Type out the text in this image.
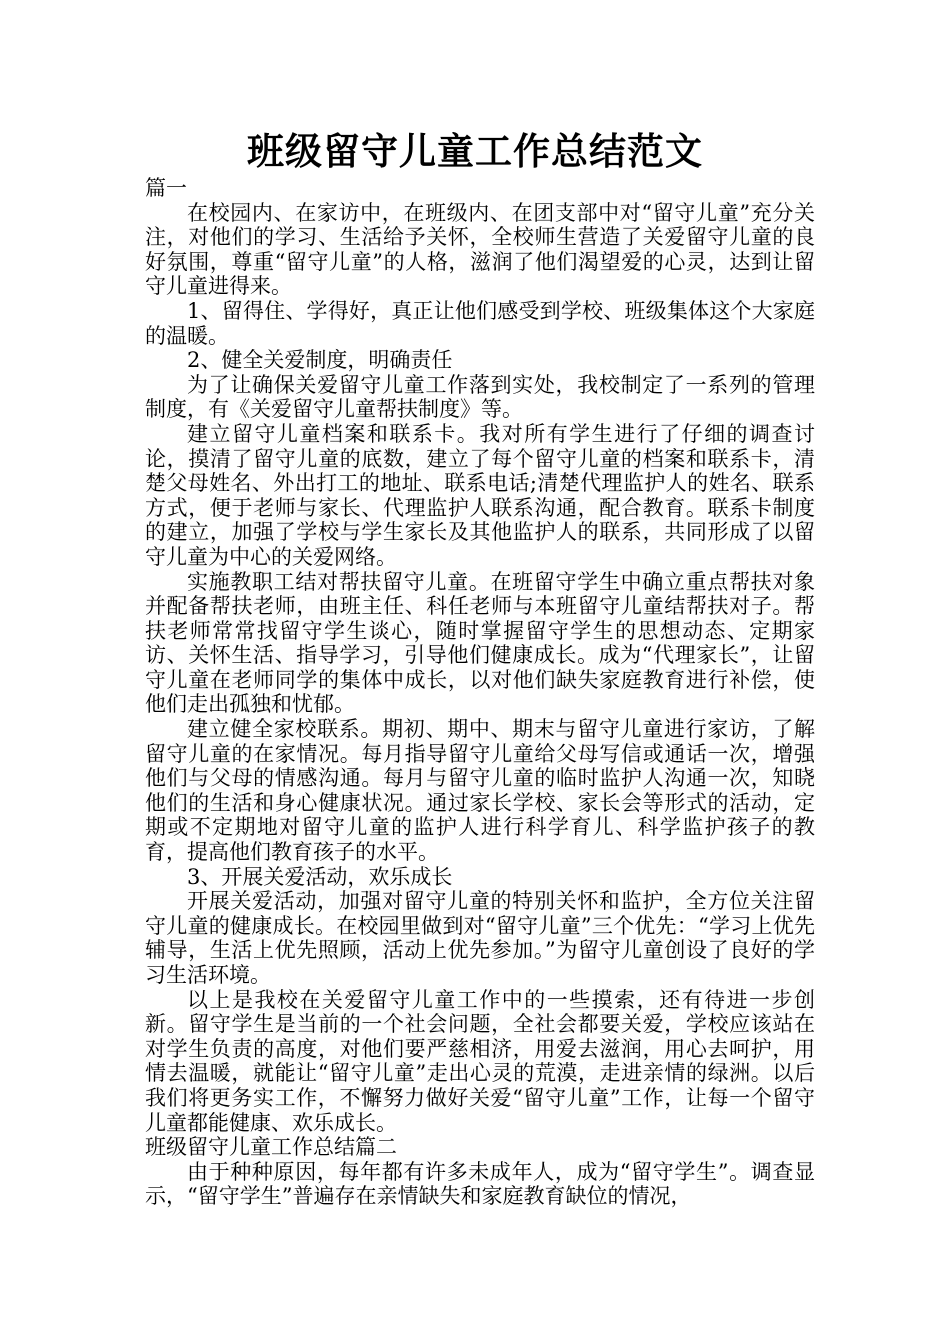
班级留守儿童工作总结范文

篇一

在校园内、在家访中，在班级内、在团支部中对“留守儿童”充分关注，对他们的学习、生活给予关怀，全校师生营造了关爱留守儿童的良好氛围，尊重“留守儿童”的人格，滋润了他们渴望爱的心灵，达到让留守儿童进得来。

1、留得住、学得好，真正让他们感受到学校、班级集体这个大家庭的温暖。

2、健全关爱制度，明确责任

为了让确保关爱留守儿童工作落到实处，我校制定了一系列的管理制度，有《关爱留守儿童帮扶制度》等。

建立留守儿童档案和联系卡。我对所有学生进行了仔细的调查讨论，摸清了留守儿童的底数，建立了每个留守儿童的档案和联系卡，清楚父母姓名、外出打工的地址、联系电话;清楚代理监护人的姓名、联系方式，便于老师与家长、代理监护人联系沟通，配合教育。联系卡制度的建立，加强了学校与学生家长及其他监护人的联系，共同形成了以留守儿童为中心的关爱网络。

实施教职工结对帮扶留守儿童。在班留守学生中确立重点帮扶对象并配备帮扶老师，由班主任、科任老师与本班留守儿童结帮扶对子。帮扶老师常常找留守学生谈心，随时掌握留守学生的思想动态、定期家访、关怀生活、指导学习，引导他们健康成长。成为“代理家长”，让留守儿童在老师同学的集体中成长，以对他们缺失家庭教育进行补偿，使他们走出孤独和忧郁。

建立健全家校联系。期初、期中、期末与留守儿童进行家访，了解留守儿童的在家情况。每月指导留守儿童给父母写信或通话一次，增强他们与父母的情感沟通。每月与留守儿童的临时监护人沟通一次，知晓他们的生活和身心健康状况。通过家长学校、家长会等形式的活动，定期或不定期地对留守儿童的监护人进行科学育儿、科学监护孩子的教育，提高他们教育孩子的水平。

3、开展关爱活动，欢乐成长

开展关爱活动，加强对留守儿童的特别关怀和监护，全方位关注留守儿童的健康成长。在校园里做到对“留守儿童”三个优先：“学习上优先辅导，生活上优先照顾，活动上优先参加。”为留守儿童创设了良好的学习生活环境。

以上是我校在关爱留守儿童工作中的一些摸索，还有待进一步创新。留守学生是当前的一个社会问题，全社会都要关爱，学校应该站在对学生负责的高度，对他们要严慈相济，用爱去滋润，用心去呵护，用情去温暖，就能让“留守儿童”走出心灵的荒漠，走进亲情的绿洲。以后我们将更务实工作，不懈努力做好关爱“留守儿童”工作，让每一个留守儿童都能健康、欢乐成长。

班级留守儿童工作总结篇二

由于种种原因，每年都有许多未成年人，成为“留守学生”。调查显示，“留守学生”普遍存在亲情缺失和家庭教育缺位的情况，
